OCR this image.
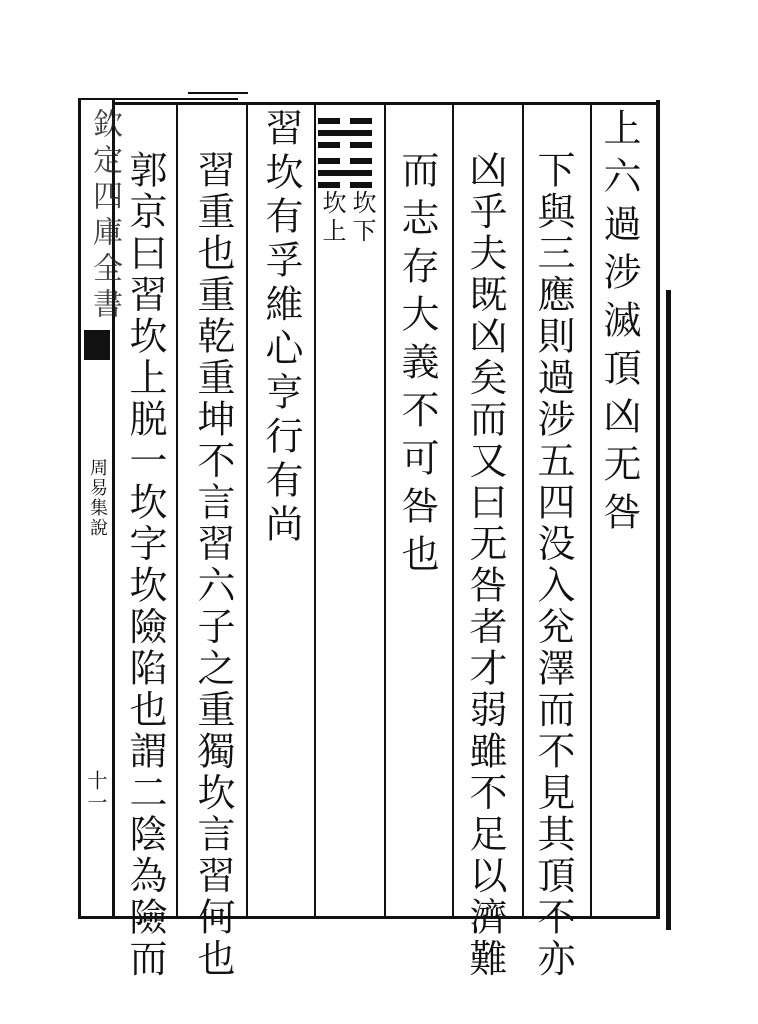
欽定四庫全書
周易集說
十一
上六過涉滅頂凶无咎
下與三應則過涉五四没入兊澤而不見其頂不亦
凶乎夫既凶矣而又曰无咎者才弱雖不足以濟難
而志存大義不可咎也
坎下
坎上
習坎有孚維心亨行有尚
習重也重乾重坤不言習六子之重獨坎言習何也
郭京曰習坎上脱一坎字坎險陷也謂二陰為險而
